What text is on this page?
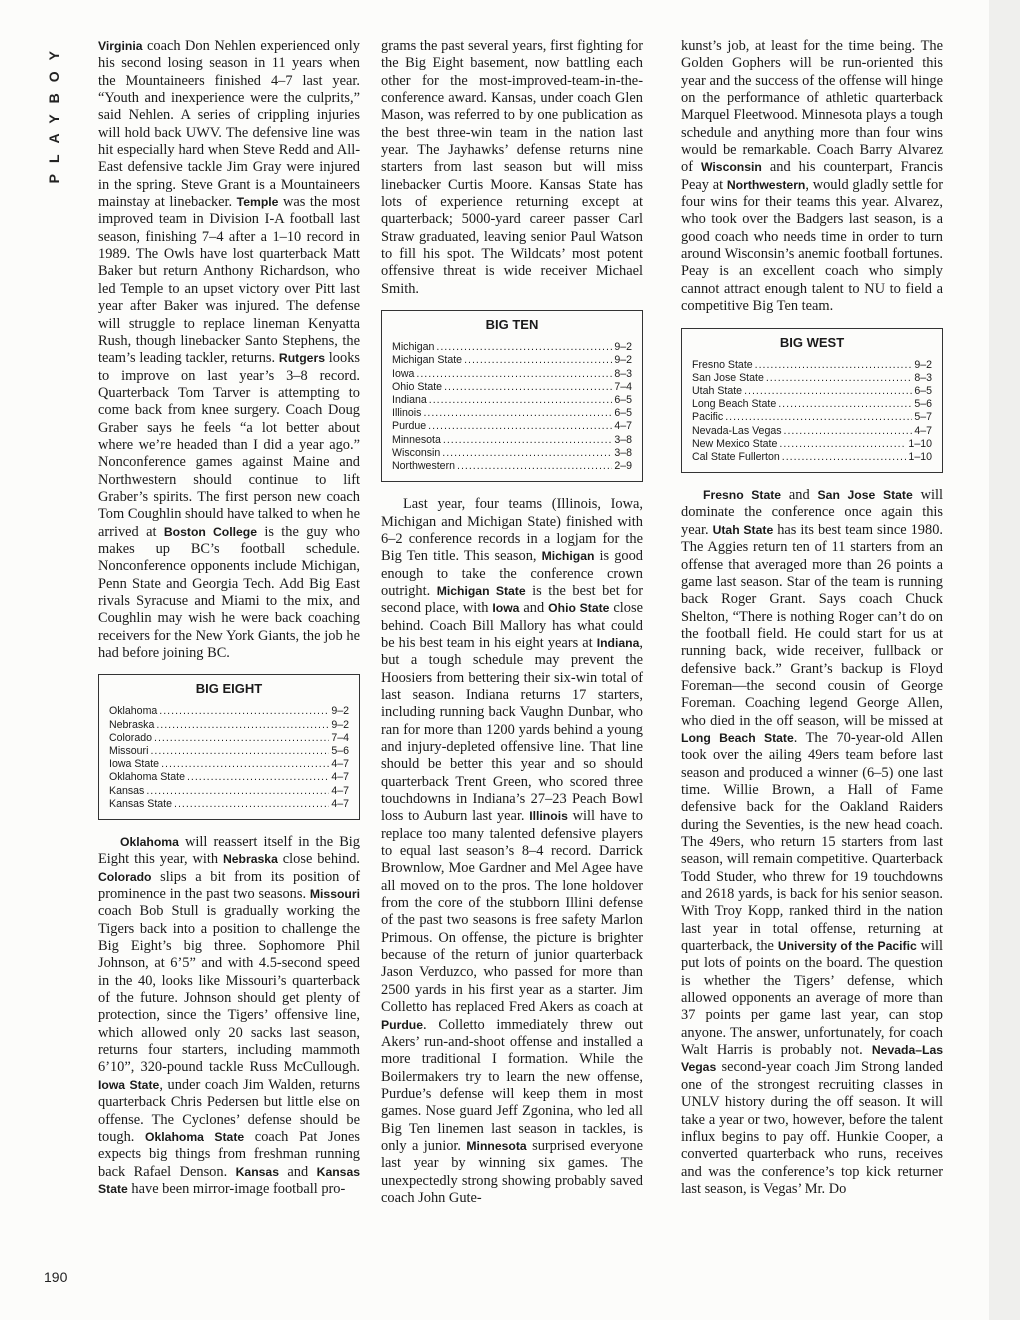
PLAYBOY
190

Virginia coach Don Nehlen experienced only his second losing season in 11 years when the Mountaineers finished 4–7 last year. “Youth and inexperience were the culprits,” said Nehlen. A series of crippling injuries will hold back UWV. The defensive line was hit especially hard when Steve Redd and All-East defensive tackle Jim Gray were injured in the spring. Steve Grant is a Mountaineers mainstay at linebacker. Temple was the most improved team in Division I-A football last season, finishing 7–4 after a 1–10 record in 1989. The Owls have lost quarterback Matt Baker but return Anthony Richardson, who led Temple to an upset victory over Pitt last year after Baker was injured. The defense will struggle to replace lineman Kenyatta Rush, though linebacker Santo Stephens, the team’s leading tackler, returns. Rutgers looks to improve on last year’s 3–8 record. Quarterback Tom Tarver is attempting to come back from knee surgery. Coach Doug Graber says he feels “a lot better about where we’re headed than I did a year ago.” Nonconference games against Maine and Northwestern should continue to lift Graber’s spirits. The first person new coach Tom Coughlin should have talked to when he arrived at Boston College is the guy who makes up BC’s football schedule. Nonconference opponents include Michigan, Penn State and Georgia Tech. Add Big East rivals Syracuse and Miami to the mix, and Coughlin may wish he were back coaching receivers for the New York Giants, the job he had before joining BC.

BIG EIGHT
Oklahoma .....	9–2
Nebraska .....	9–2
Colorado .....	7–4
Missouri .....	5–6
Iowa State .....	4–7
Oklahoma State .....	4–7
Kansas .....	4–7
Kansas State .....	4–7

Oklahoma will reassert itself in the Big Eight this year, with Nebraska close behind. Colorado slips a bit from its position of prominence in the past two seasons. Missouri coach Bob Stull is gradually working the Tigers back into a position to challenge the Big Eight’s big three. Sophomore Phil Johnson, at 6’5” and with 4.5-second speed in the 40, looks like Missouri’s quarterback of the future. Johnson should get plenty of protection, since the Tigers’ offensive line, which allowed only 20 sacks last season, returns four starters, including mammoth 6’10”, 320-pound tackle Russ McCullough. Iowa State, under coach Jim Walden, returns quarterback Chris Pedersen but little else on offense. The Cyclones’ defense should be tough. Oklahoma State coach Pat Jones expects big things from freshman running back Rafael Denson. Kansas and Kansas State have been mirror-image football pro-

grams the past several years, first fighting for the Big Eight basement, now battling each other for the most-improved-team-in-the-conference award. Kansas, under coach Glen Mason, was referred to by one publication as the best three-win team in the nation last year. The Jayhawks’ defense returns nine starters from last season but will miss linebacker Curtis Moore. Kansas State has lots of experience returning except at quarterback; 5000-yard career passer Carl Straw graduated, leaving senior Paul Watson to fill his spot. The Wildcats’ most potent offensive threat is wide receiver Michael Smith.

BIG TEN
Michigan .....	9–2
Michigan State .....	9–2
Iowa .....	8–3
Ohio State .....	7–4
Indiana .....	6–5
Illinois .....	6–5
Purdue .....	4–7
Minnesota .....	3–8
Wisconsin .....	3–8
Northwestern .....	2–9

Last year, four teams (Illinois, Iowa, Michigan and Michigan State) finished with 6–2 conference records in a logjam for the Big Ten title. This season, Michigan is good enough to take the conference crown outright. Michigan State is the best bet for second place, with Iowa and Ohio State close behind. Coach Bill Mallory has what could be his best team in his eight years at Indiana, but a tough schedule may prevent the Hoosiers from bettering their six-win total of last season. Indiana returns 17 starters, including running back Vaughn Dunbar, who ran for more than 1200 yards behind a young and injury-depleted offensive line. That line should be better this year and so should quarterback Trent Green, who scored three touchdowns in Indiana’s 27–23 Peach Bowl loss to Auburn last year. Illinois will have to replace too many talented defensive players to equal last season’s 8–4 record. Darrick Brownlow, Moe Gardner and Mel Agee have all moved on to the pros. The lone holdover from the core of the stubborn Illini defense of the past two seasons is free safety Marlon Primous. On offense, the picture is brighter because of the return of junior quarterback Jason Verduzco, who passed for more than 2500 yards in his first year as a starter. Jim Colletto has replaced Fred Akers as coach at Purdue. Colletto immediately threw out Akers’ run-and-shoot offense and installed a more traditional I formation. While the Boilermakers try to learn the new offense, Purdue’s defense will keep them in most games. Nose guard Jeff Zgonina, who led all Big Ten linemen last season in tackles, is only a junior. Minnesota surprised everyone last year by winning six games. The unexpectedly strong showing probably saved coach John Gute-

kunst’s job, at least for the time being. The Golden Gophers will be run-oriented this year and the success of the offense will hinge on the performance of athletic quarterback Marquel Fleetwood. Minnesota plays a tough schedule and anything more than four wins would be remarkable. Coach Barry Alvarez of Wisconsin and his counterpart, Francis Peay at Northwestern, would gladly settle for four wins for their teams this year. Alvarez, who took over the Badgers last season, is a good coach who needs time in order to turn around Wisconsin’s anemic football fortunes. Peay is an excellent coach who simply cannot attract enough talent to NU to field a competitive Big Ten team.

BIG WEST
Fresno State .....	9–2
San Jose State .....	8–3
Utah State .....	6–5
Long Beach State .....	5–6
Pacific .....	5–7
Nevada-Las Vegas .....	4–7
New Mexico State .....	1–10
Cal State Fullerton .....	1–10

Fresno State and San Jose State will dominate the conference once again this year. Utah State has its best team since 1980. The Aggies return ten of 11 starters from an offense that averaged more than 26 points a game last season. Star of the team is running back Roger Grant. Says coach Chuck Shelton, “There is nothing Roger can’t do on the football field. He could start for us at running back, wide receiver, fullback or defensive back.” Grant’s backup is Floyd Foreman—the second cousin of George Foreman. Coaching legend George Allen, who died in the off season, will be missed at Long Beach State. The 70-year-old Allen took over the ailing 49ers team before last season and produced a winner (6–5) one last time. Willie Brown, a Hall of Fame defensive back for the Oakland Raiders during the Seventies, is the new head coach. The 49ers, who return 15 starters from last season, will remain competitive. Quarterback Todd Studer, who threw for 19 touchdowns and 2618 yards, is back for his senior season. With Troy Kopp, ranked third in the nation last year in total offense, returning at quarterback, the University of the Pacific will put lots of points on the board. The question is whether the Tigers’ defense, which allowed opponents an average of more than 37 points per game last year, can stop anyone. The answer, unfortunately, for coach Walt Harris is probably not. Nevada–Las Vegas second-year coach Jim Strong landed one of the strongest recruiting classes in UNLV history during the off season. It will take a year or two, however, before the talent influx begins to pay off. Hunkie Cooper, a converted quarterback who runs, receives and was the conference’s top kick returner last season, is Vegas’ Mr. Do
